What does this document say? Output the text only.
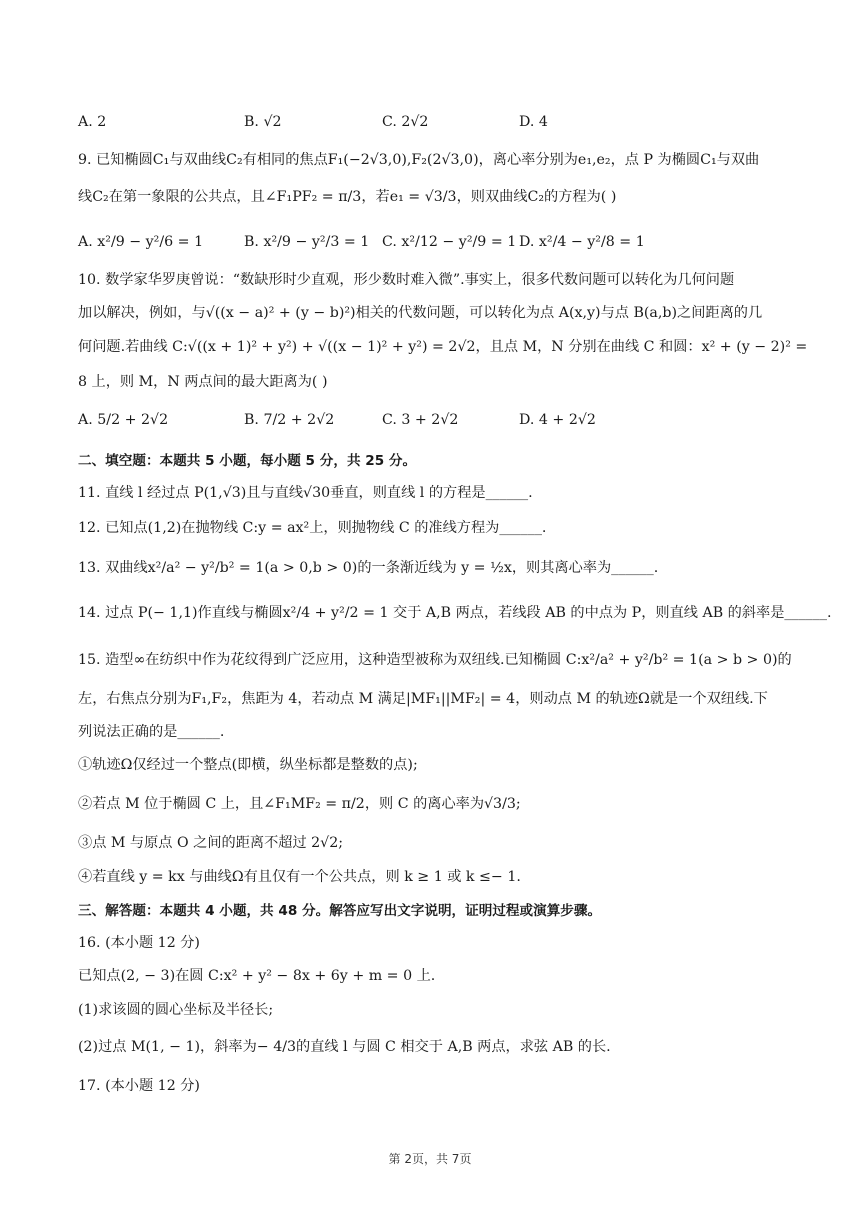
A. 2	B. √2	C. 2√2	D. 4
9. 已知椭圆C₁与双曲线C₂有相同的焦点F₁(−2√3,0),F₂(2√3,0)，离心率分别为e₁,e₂，点 P 为椭圆C₁与双曲
线C₂在第一象限的公共点，且∠F₁PF₂ = π/3，若e₁ = √3/3，则双曲线C₂的方程为( )
A. x²/9 − y²/6 = 1	B. x²/9 − y²/3 = 1 C. x²/12 − y²/9 = 1 D. x²/4 − y²/8 = 1
10. 数学家华罗庚曾说：“数缺形时少直观，形少数时难入微”.事实上，很多代数问题可以转化为几何问题
加以解决，例如，与√((x − a)² + (y − b)²)相关的代数问题，可以转化为点 A(x,y)与点 B(a,b)之间距离的几
何问题.若曲线 C:√((x + 1)² + y²) + √((x − 1)² + y²) = 2√2，且点 M，N 分别在曲线 C 和圆：x² + (y − 2)² =
8 上，则 M，N 两点间的最大距离为( )
A. 5/2 + 2√2	B. 7/2 + 2√2	C. 3 + 2√2	D. 4 + 2√2
二、填空题：本题共 5 小题，每小题 5 分，共 25 分。
11. 直线 l 经过点 P(1,√3)且与直线√30垂直，则直线 l 的方程是______.
12. 已知点(1,2)在抛物线 C:y = ax²上，则抛物线 C 的准线方程为______.
13. 双曲线x²/a² − y²/b² = 1(a > 0,b > 0)的一条渐近线为 y = ½x，则其离心率为______.
14. 过点 P(− 1,1)作直线与椭圆x²/4 + y²/2 = 1 交于 A,B 两点，若线段 AB 的中点为 P，则直线 AB 的斜率是______.
15. 造型∞在纺织中作为花纹得到广泛应用，这种造型被称为双纽线.已知椭圆 C:x²/a² + y²/b² = 1(a > b > 0)的
左，右焦点分别为F₁,F₂，焦距为 4，若动点 M 满足|MF₁||MF₂| = 4，则动点 M 的轨迹Ω就是一个双纽线.下
列说法正确的是______.
①轨迹Ω仅经过一个整点(即横，纵坐标都是整数的点);
②若点 M 位于椭圆 C 上，且∠F₁MF₂ = π/2，则 C 的离心率为√3/3;
③点 M 与原点 O 之间的距离不超过 2√2;
④若直线 y = kx 与曲线Ω有且仅有一个公共点，则 k ≥ 1 或 k ≤− 1.
三、解答题：本题共 4 小题，共 48 分。解答应写出文字说明，证明过程或演算步骤。
16. (本小题 12 分)
已知点(2, − 3)在圆 C:x² + y² − 8x + 6y + m = 0 上.
(1)求该圆的圆心坐标及半径长;
(2)过点 M(1, − 1)，斜率为− 4/3的直线 l 与圆 C 相交于 A,B 两点，求弦 AB 的长.
17. (本小题 12 分)
第 2页，共 7页
